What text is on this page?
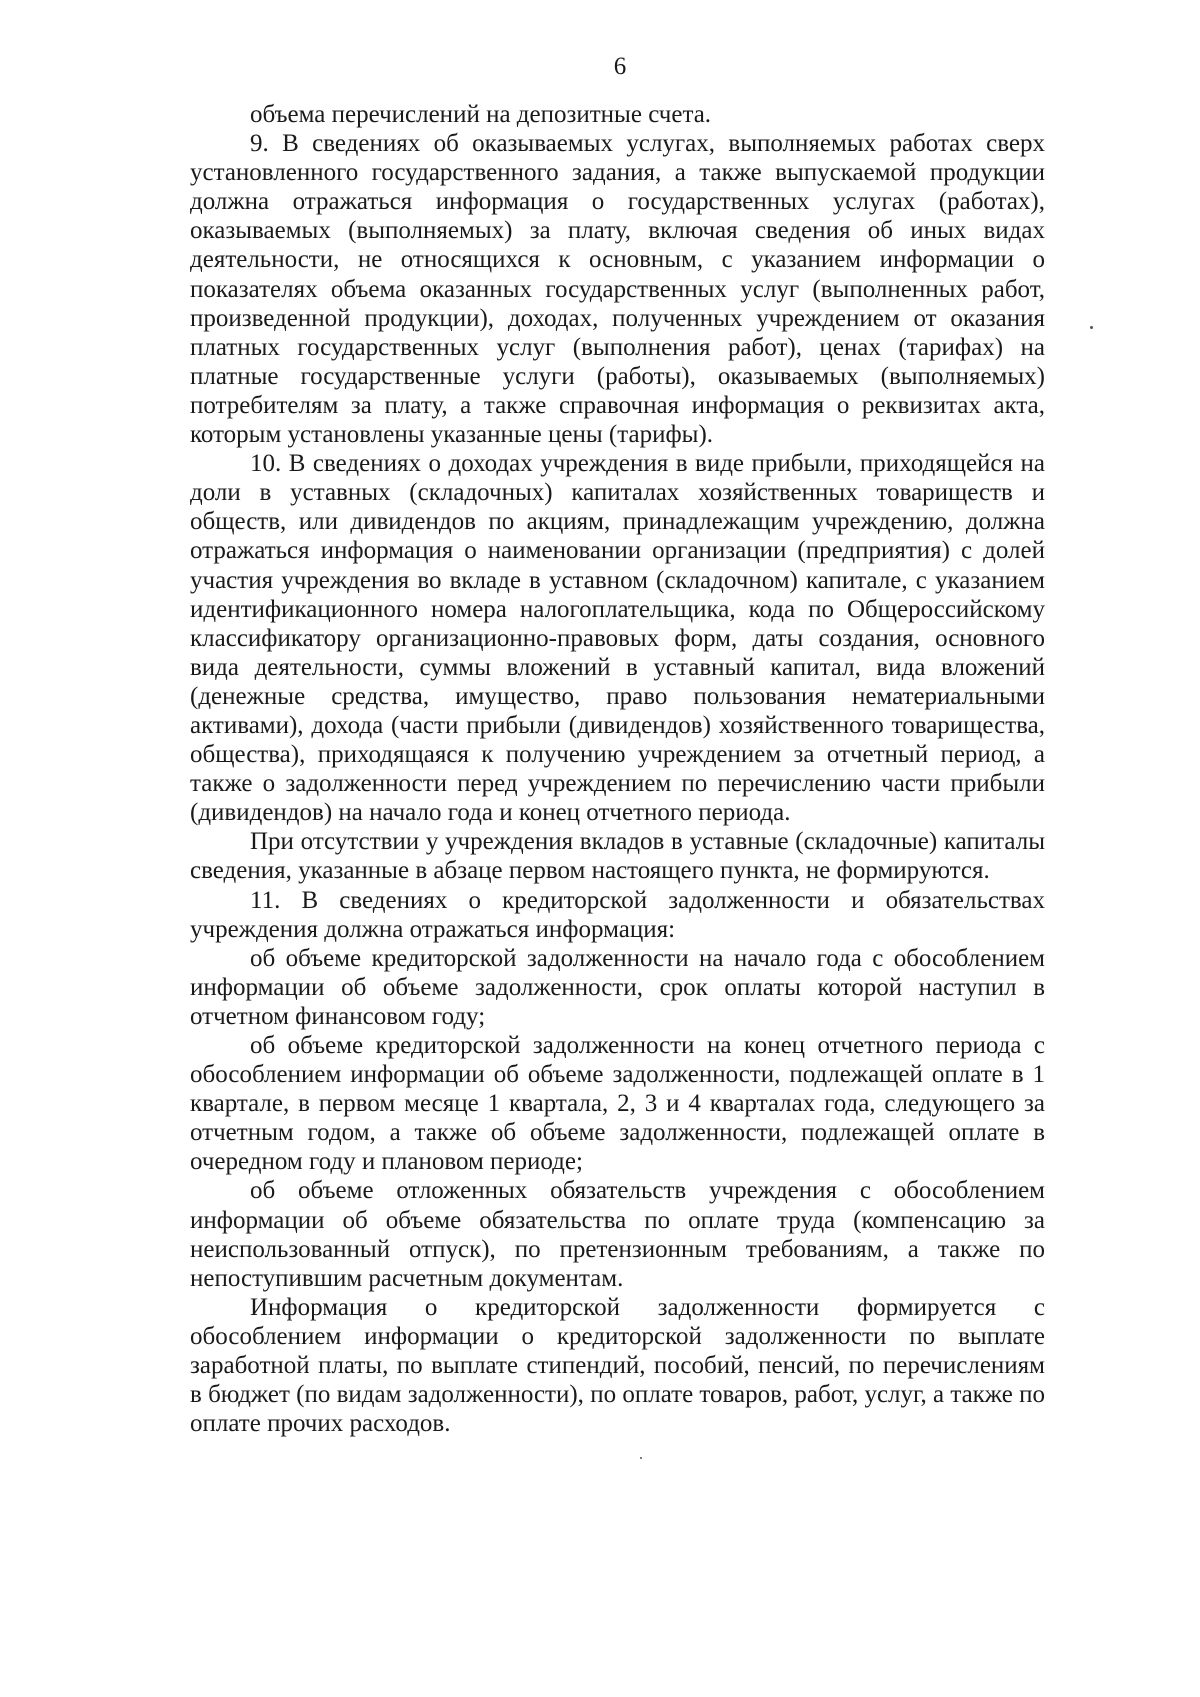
6

объема перечислений на депозитные счета.

9. В сведениях об оказываемых услугах, выполняемых работах сверх установленного государственного задания, а также выпускаемой продукции должна отражаться информация о государственных услугах (работах), оказываемых (выполняемых) за плату, включая сведения об иных видах деятельности, не относящихся к основным, с указанием информации о показателях объема оказанных государственных услуг (выполненных работ, произведенной продукции), доходах, полученных учреждением от оказания платных государственных услуг (выполнения работ), ценах (тарифах) на платные государственные услуги (работы), оказываемых (выполняемых) потребителям за плату, а также справочная информация о реквизитах акта, которым установлены указанные цены (тарифы).

10. В сведениях о доходах учреждения в виде прибыли, приходящейся на доли в уставных (складочных) капиталах хозяйственных товариществ и обществ, или дивидендов по акциям, принадлежащим учреждению, должна отражаться информация о наименовании организации (предприятия) с долей участия учреждения во вкладе в уставном (складочном) капитале, с указанием идентификационного номера налогоплательщика, кода по Общероссийскому классификатору организационно-правовых форм, даты создания, основного вида деятельности, суммы вложений в уставный капитал, вида вложений (денежные средства, имущество, право пользования нематериальными активами), дохода (части прибыли (дивидендов) хозяйственного товарищества, общества), приходящаяся к получению учреждением за отчетный период, а также о задолженности перед учреждением по перечислению части прибыли (дивидендов) на начало года и конец отчетного периода.

При отсутствии у учреждения вкладов в уставные (складочные) капиталы сведения, указанные в абзаце первом настоящего пункта, не формируются.

11. В сведениях о кредиторской задолженности и обязательствах учреждения должна отражаться информация:

об объеме кредиторской задолженности на начало года с обособлением информации об объеме задолженности, срок оплаты которой наступил в отчетном финансовом году;

об объеме кредиторской задолженности на конец отчетного периода с обособлением информации об объеме задолженности, подлежащей оплате в 1 квартале, в первом месяце 1 квартала, 2, 3 и 4 кварталах года, следующего за отчетным годом, а также об объеме задолженности, подлежащей оплате в очередном году и плановом периоде;

об объеме отложенных обязательств учреждения с обособлением информации об объеме обязательства по оплате труда (компенсацию за неиспользованный отпуск), по претензионным требованиям, а также по непоступившим расчетным документам.

Информация о кредиторской задолженности формируется с обособлением информации о кредиторской задолженности по выплате заработной платы, по выплате стипендий, пособий, пенсий, по перечислениям в бюджет (по видам задолженности), по оплате товаров, работ, услуг, а также по оплате прочих расходов.
